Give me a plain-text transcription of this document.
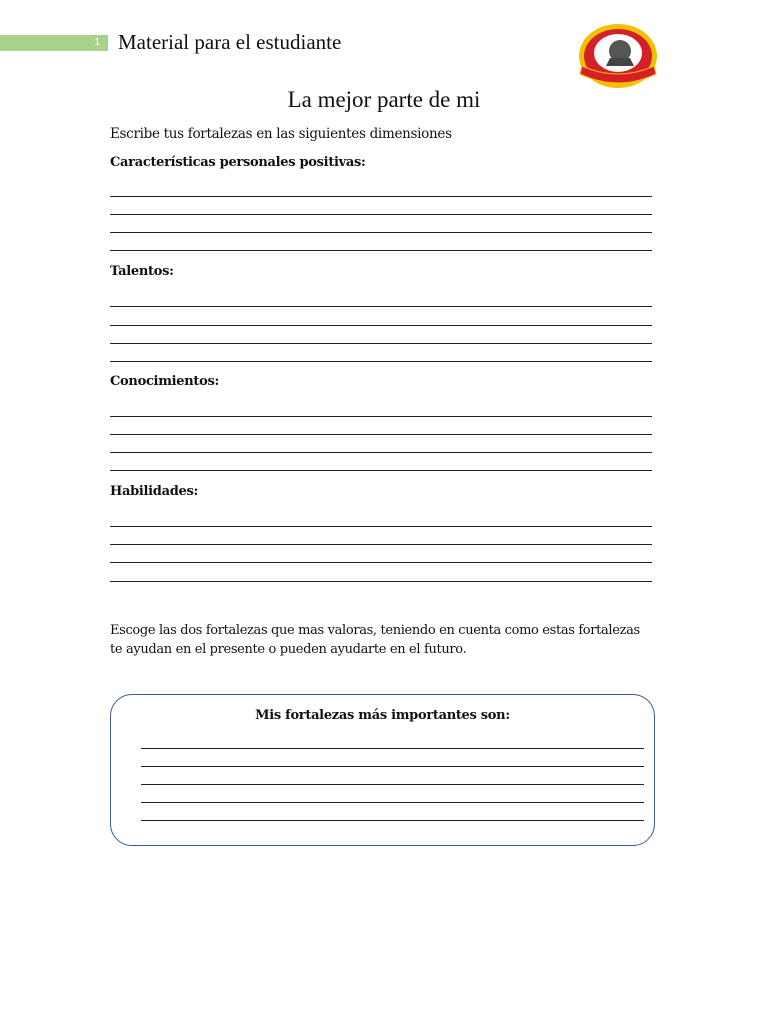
1 Material para el estudiante
La mejor parte de mi
Escribe tus fortalezas en las siguientes dimensiones
Características personales positivas:
Talentos:
Conocimientos:
Habilidades:
Escoge las dos fortalezas que mas valoras, teniendo en cuenta como estas fortalezas te ayudan en el presente o pueden ayudarte en el futuro.
Mis fortalezas más importantes son:
